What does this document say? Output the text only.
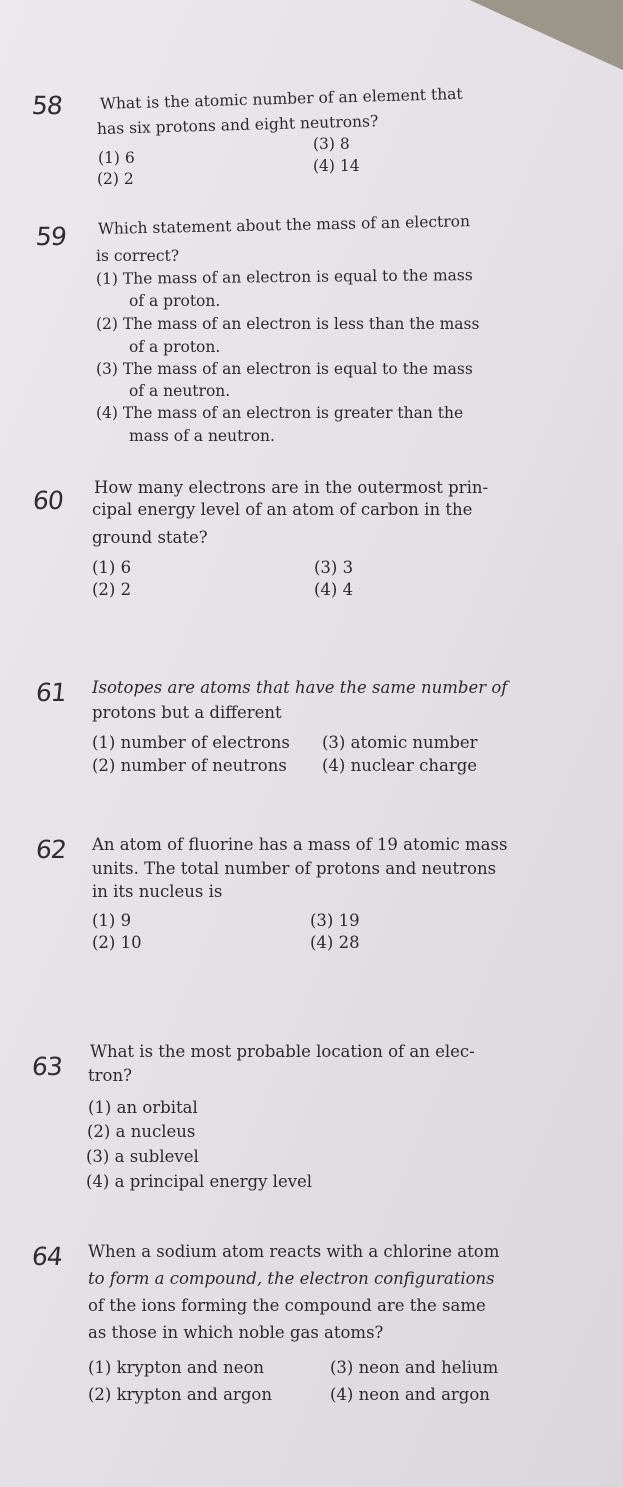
58 What is the atomic number of an element that
has six protons and eight neutrons?
(1) 6
(2) 2
(3) 8
(4) 14
59 Which statement about the mass of an electron
is correct?
(1) The mass of an electron is equal to the mass
of a proton.
(2) The mass of an electron is less than the mass
of a proton.
(3) The mass of an electron is equal to the mass
of a neutron.
(4) The mass of an electron is greater than the
mass of a neutron.
60 How many electrons are in the outermost prin-
cipal energy level of an atom of carbon in the
ground state?
(1) 6
(2) 2
(3) 3
(4) 4
61 Isotopes are atoms that have the same number of
protons but a different
(1) number of electrons
(2) number of neutrons
(3) atomic number
(4) nuclear charge
62 An atom of fluorine has a mass of 19 atomic mass
units. The total number of protons and neutrons
in its nucleus is
(1) 9
(2) 10
(3) 19
(4) 28
63
What is the most probable location of an elec-
tron?
(1) an orbital
(2) a nucleus
(3) a sublevel
(4) a principal energy level
64 When a sodium atom reacts with a chlorine atom
to form a compound, the electron configurations
of the ions forming the compound are the same
as those in which noble gas atoms?
(1) krypton and neon
(2) krypton and argon
(3) neon and helium
(4) neon and argon
